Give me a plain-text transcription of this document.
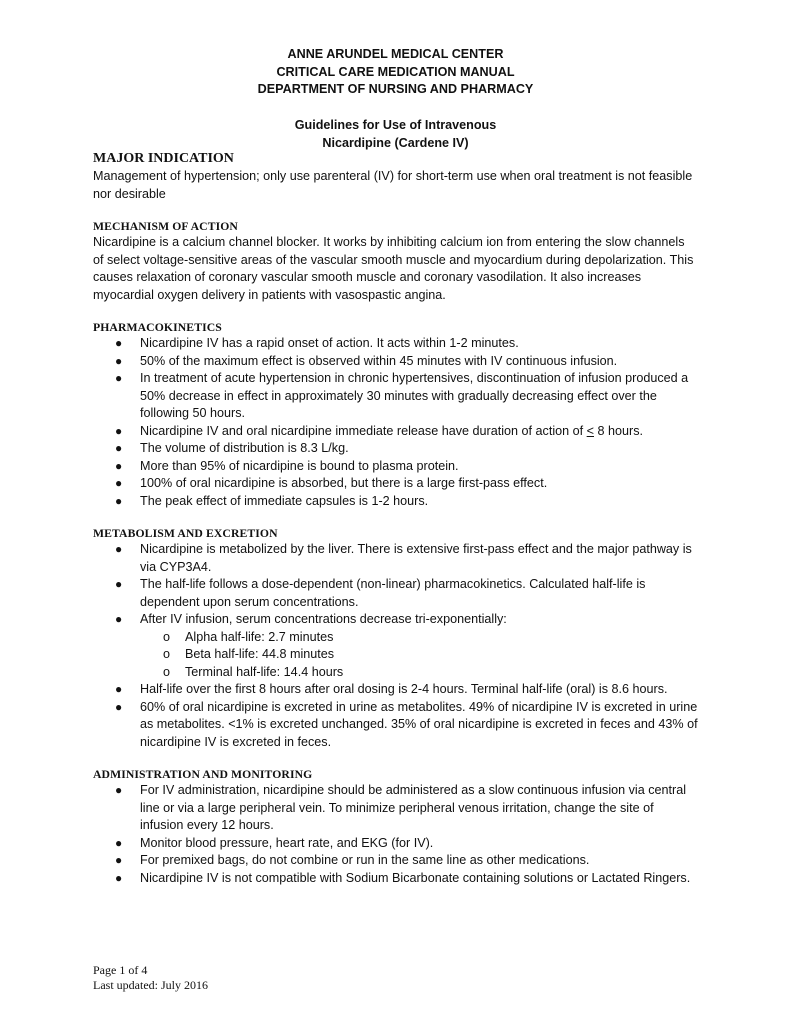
ANNE ARUNDEL MEDICAL CENTER
CRITICAL CARE MEDICATION MANUAL
DEPARTMENT OF NURSING AND PHARMACY
Guidelines for Use of Intravenous
Nicardipine (Cardene IV)
MAJOR INDICATION
Management of hypertension; only use parenteral (IV) for short-term use when oral treatment is not feasible nor desirable
MECHANISM OF ACTION
Nicardipine is a calcium channel blocker. It works by inhibiting calcium ion from entering the slow channels of select voltage-sensitive areas of the vascular smooth muscle and myocardium during depolarization. This causes relaxation of coronary vascular smooth muscle and coronary vasodilation. It also increases myocardial oxygen delivery in patients with vasospastic angina.
PHARMACOKINETICS
● Nicardipine IV has a rapid onset of action. It acts within 1-2 minutes.
● 50% of the maximum effect is observed within 45 minutes with IV continuous infusion.
● In treatment of acute hypertension in chronic hypertensives, discontinuation of infusion produced a 50% decrease in effect in approximately 30 minutes with gradually decreasing effect over the following 50 hours.
● Nicardipine IV and oral nicardipine immediate release have duration of action of ≤ 8 hours.
● The volume of distribution is 8.3 L/kg.
● More than 95% of nicardipine is bound to plasma protein.
● 100% of oral nicardipine is absorbed, but there is a large first-pass effect.
● The peak effect of immediate capsules is 1-2 hours.
METABOLISM AND EXCRETION
● Nicardipine is metabolized by the liver. There is extensive first-pass effect and the major pathway is via CYP3A4.
● The half-life follows a dose-dependent (non-linear) pharmacokinetics. Calculated half-life is dependent upon serum concentrations.
● After IV infusion, serum concentrations decrease tri-exponentially:
o Alpha half-life: 2.7 minutes
o Beta half-life: 44.8 minutes
o Terminal half-life: 14.4 hours
● Half-life over the first 8 hours after oral dosing is 2-4 hours. Terminal half-life (oral) is 8.6 hours.
● 60% of oral nicardipine is excreted in urine as metabolites. 49% of nicardipine IV is excreted in urine as metabolites. <1% is excreted unchanged. 35% of oral nicardipine is excreted in feces and 43% of nicardipine IV is excreted in feces.
ADMINISTRATION AND MONITORING
● For IV administration, nicardipine should be administered as a slow continuous infusion via central line or via a large peripheral vein. To minimize peripheral venous irritation, change the site of infusion every 12 hours.
● Monitor blood pressure, heart rate, and EKG (for IV).
● For premixed bags, do not combine or run in the same line as other medications.
● Nicardipine IV is not compatible with Sodium Bicarbonate containing solutions or Lactated Ringers.
Page 1 of 4
Last updated: July 2016
